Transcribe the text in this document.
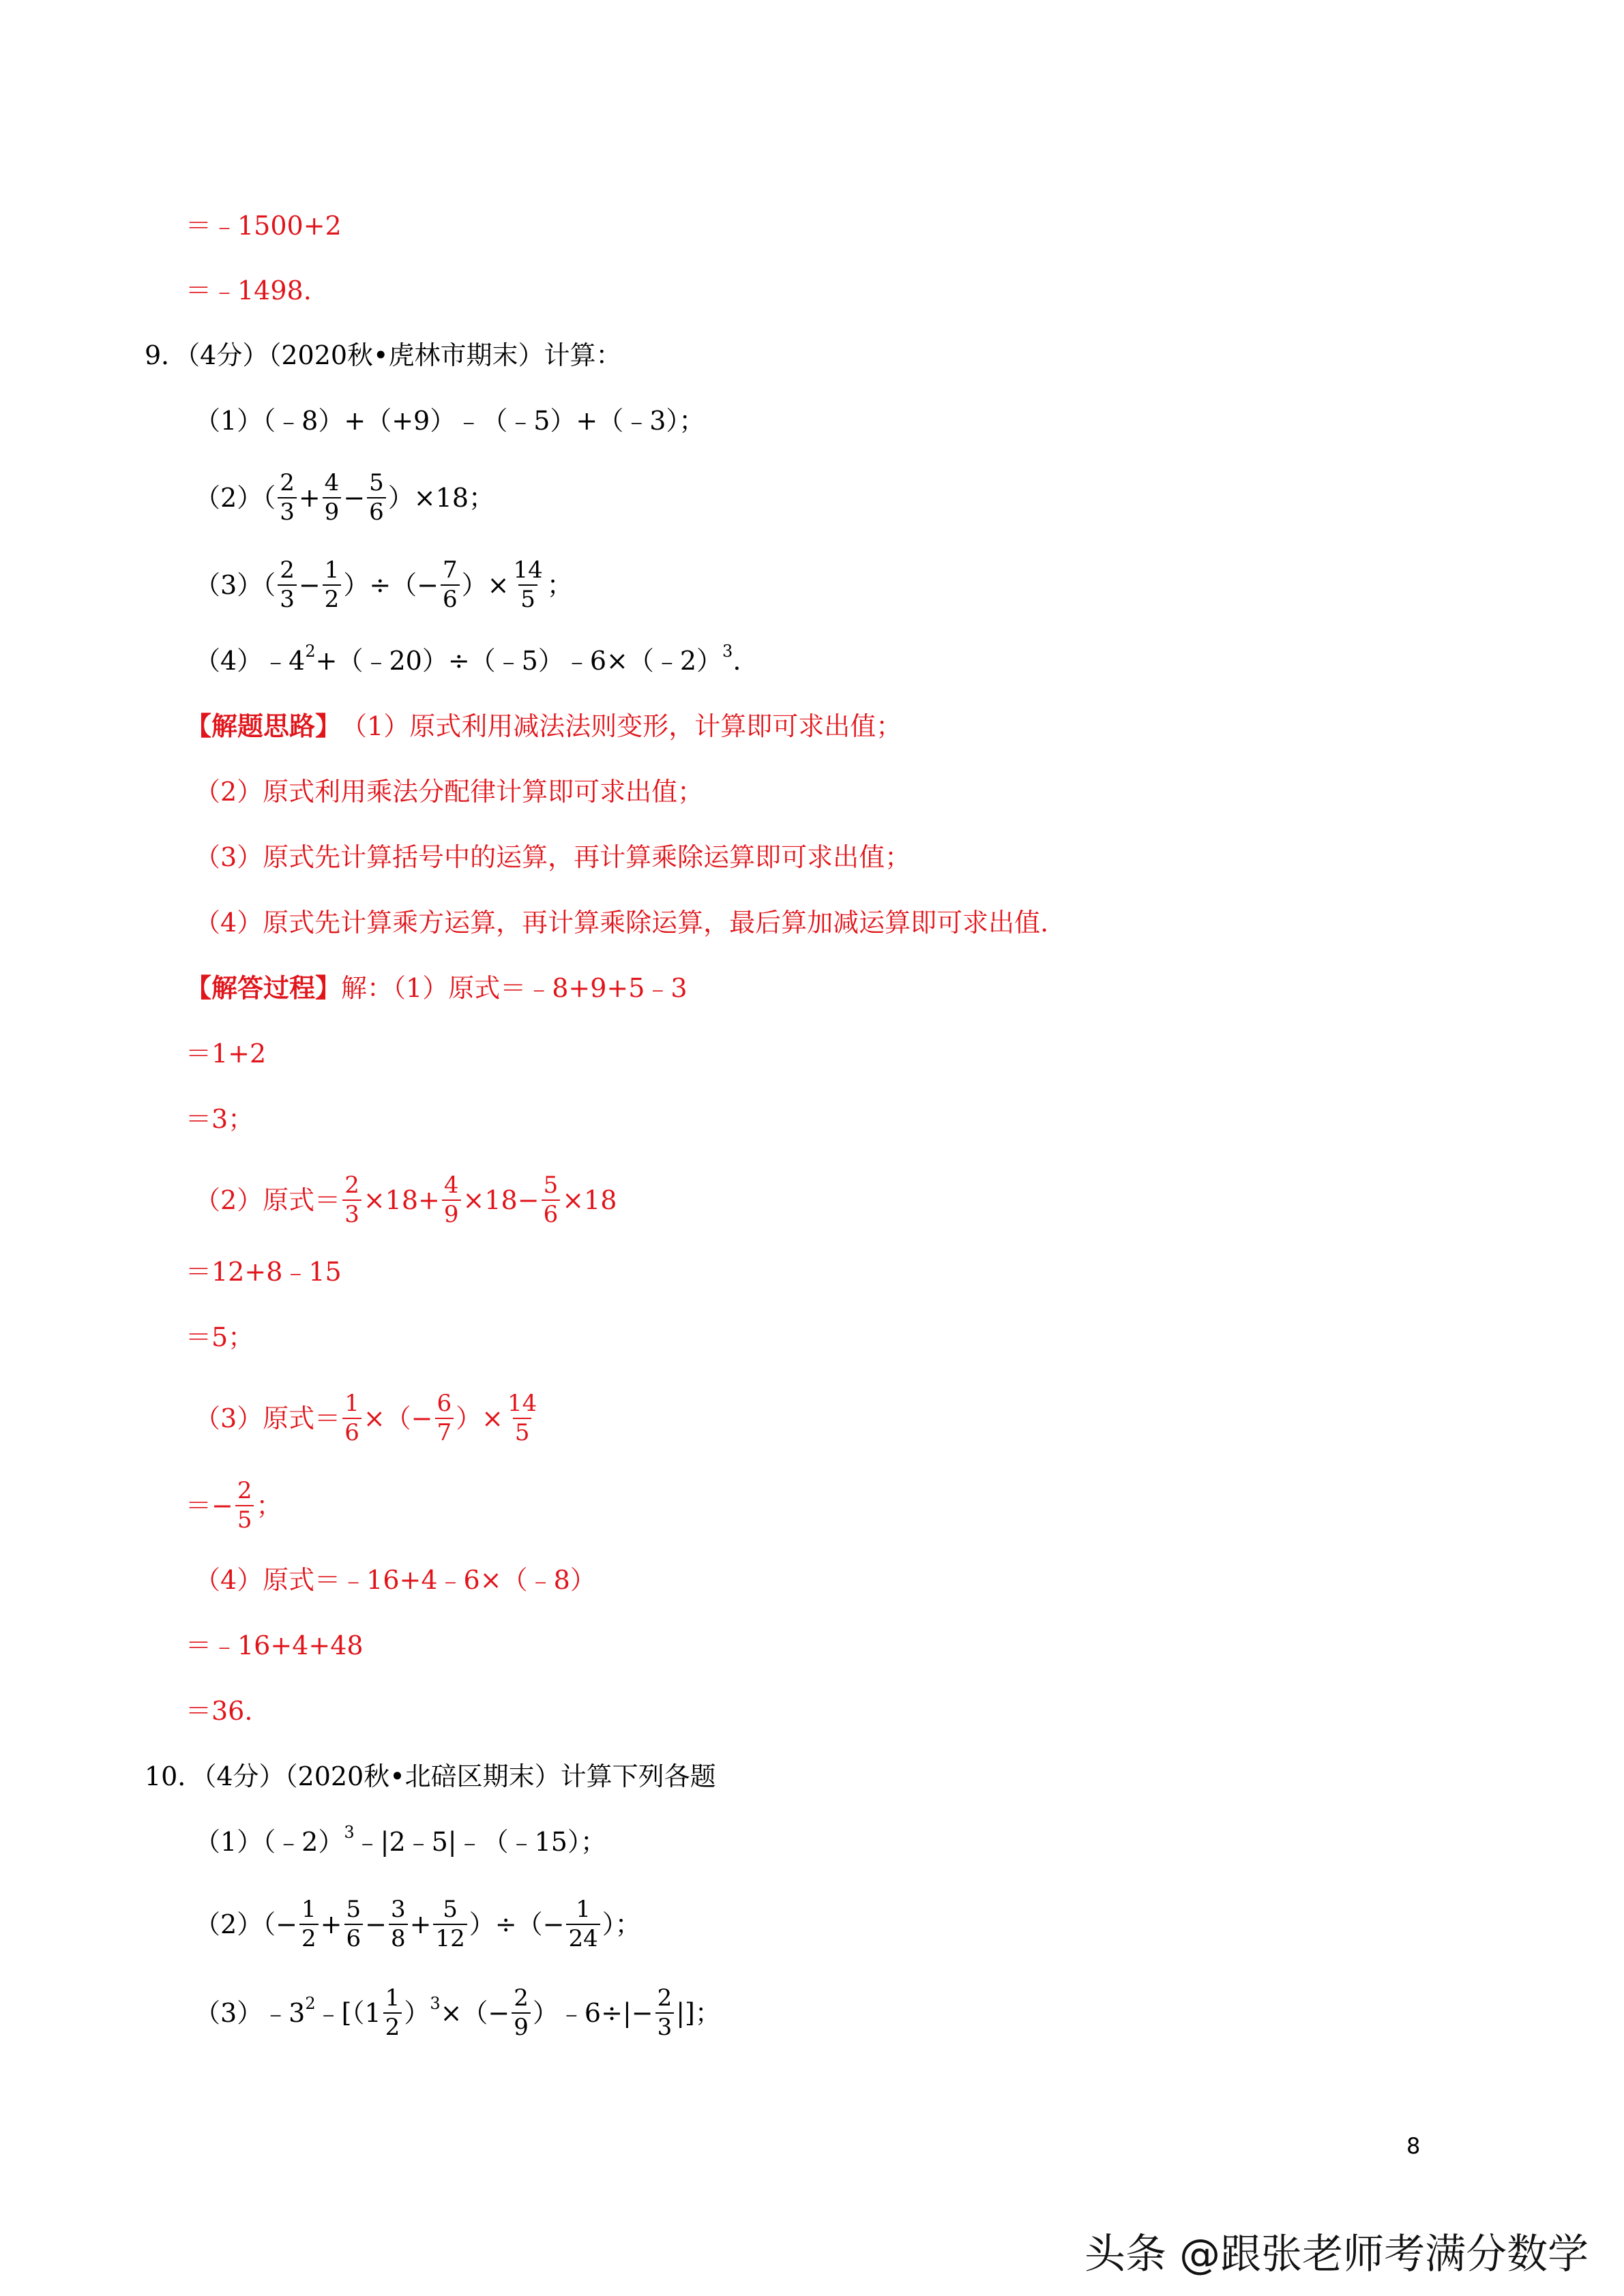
＝﹣1500+2
＝﹣1498.
9．（4分）（2020秋•虎林市期末）计算：
（1）（﹣8）+（+9）﹣（﹣5）+（﹣3）；
$(2)( \frac{2}{3} + \frac{4}{9} - \frac{5}{6} )\times 18$；
$(3)( \frac{2}{3} - \frac{1}{2}$ ）÷（− $\frac{7}{6}$ ）× $\frac{14}{5}$ ；
$(4)﹣4^2$ +（﹣20）÷（﹣5）﹣6×（﹣2）$^3$ .
【解题思路】 （1）原式利用减法法则变形，计算即可求出值；
（2）原式利用乘法分配律计算即可求出值；
（3）原式先计算括号中的运算，再计算乘除运算即可求出值；
（4）原式先计算乘方运算，再计算乘除运算，最后算加减运算即可求出值.
【解答过程】 解：（1）原式＝﹣8+9+5﹣3
＝1+2
＝3；
（2）原式＝ $\frac{2}{3} \times 18+ \frac{4}{9} \times 18- \frac{5}{6} \times 18$
＝12+8﹣15
＝5；
（3）原式＝ $\frac{1}{6}$ ×（− $\frac{6}{7}$ ）× $\frac{14}{5}$
＝− $\frac{2}{5}$ ；
（4）原式＝﹣16+4﹣6×（﹣8）
＝﹣16+4+48
＝36.
10．（4分）（2020秋•北碚区期末）计算下列各题
（1）（﹣2）$^3$ ﹣|2﹣5|﹣（﹣15）；
$(2)(- \frac{1}{2} + \frac{5}{6} - \frac{3}{8} + \frac{5}{12}$ ）÷（− $\frac{1}{24}$ ）；
$(3)﹣3^2$ ﹣[（1 $\frac{1}{2} )^3$ ×（− $\frac{2}{9}$ ）﹣6÷|− $\frac{2}{3}$ |]；
8
头条 @跟张老师考满分数学
